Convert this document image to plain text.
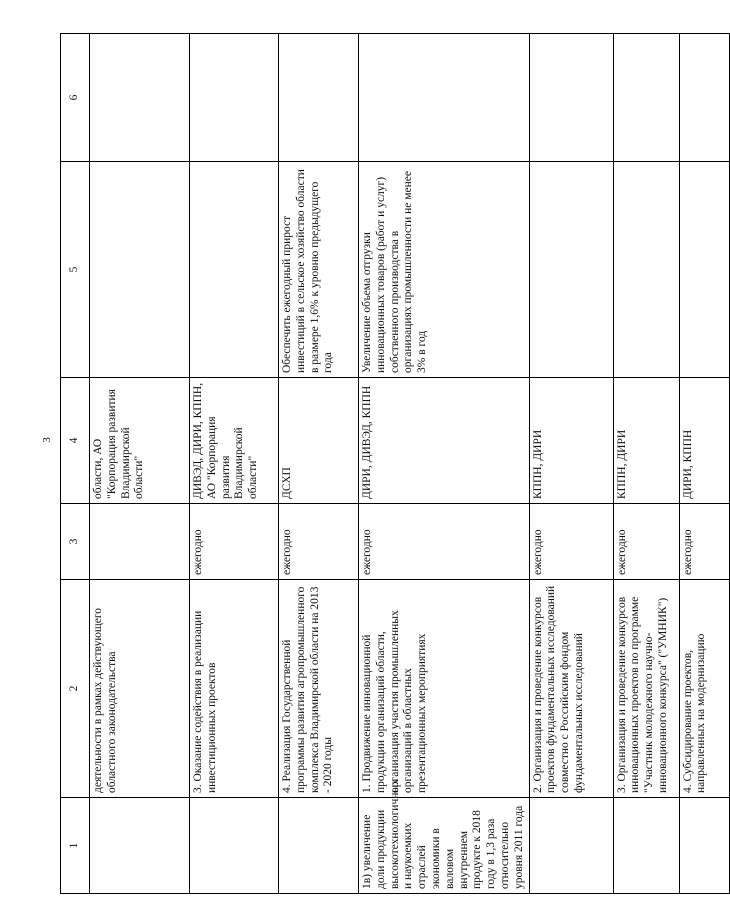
3
1	2	3	4	5	6
	деятельности в рамках действующего областного законодательства		области, АО "Корпорация развития Владимирской области"		
	3. Оказание содействия в реализации инвестиционных проектов	ежегодно	ДИВЭД, ДИРИ, КППН, АО "Корпорация развития Владимирской области"		
	4. Реализация Государственной программы развития агропромышленного комплекса Владимирской области на 2013 - 2020 годы	ежегодно	ДСХП	Обеспечить ежегодный прирост инвестиций в сельское хозяйство области в размере 1,6% к уровню предыдущего года	
1в) увеличение доли продукции высокотехнологичных и наукоемких отраслей экономики в валовом внутреннем продукте к 2018 году в 1,3 раза относительно уровня 2011 года	1. Продвижение инновационной продукции организаций области, организация участия промышленных организаций в областных презентационных мероприятиях	ежегодно	ДИРИ, ДИВЭД, КППН	Увеличение объема отгрузки инновационных товаров (работ и услуг) собственного производства в организациях промышленности не менее 3% в год	
	2. Организация и проведение конкурсов проектов фундаментальных исследований совместно с Российским фондом фундаментальных исследований	ежегодно	КППН, ДИРИ		
	3. Организация и проведение конкурсов инновационных проектов по программе "Участник молодежного научно-инновационного конкурса" ("УМНИК")	ежегодно	КППН, ДИРИ		
	4. Субсидирование проектов, направленных на модернизацию	ежегодно	ДИРИ, КППН		
